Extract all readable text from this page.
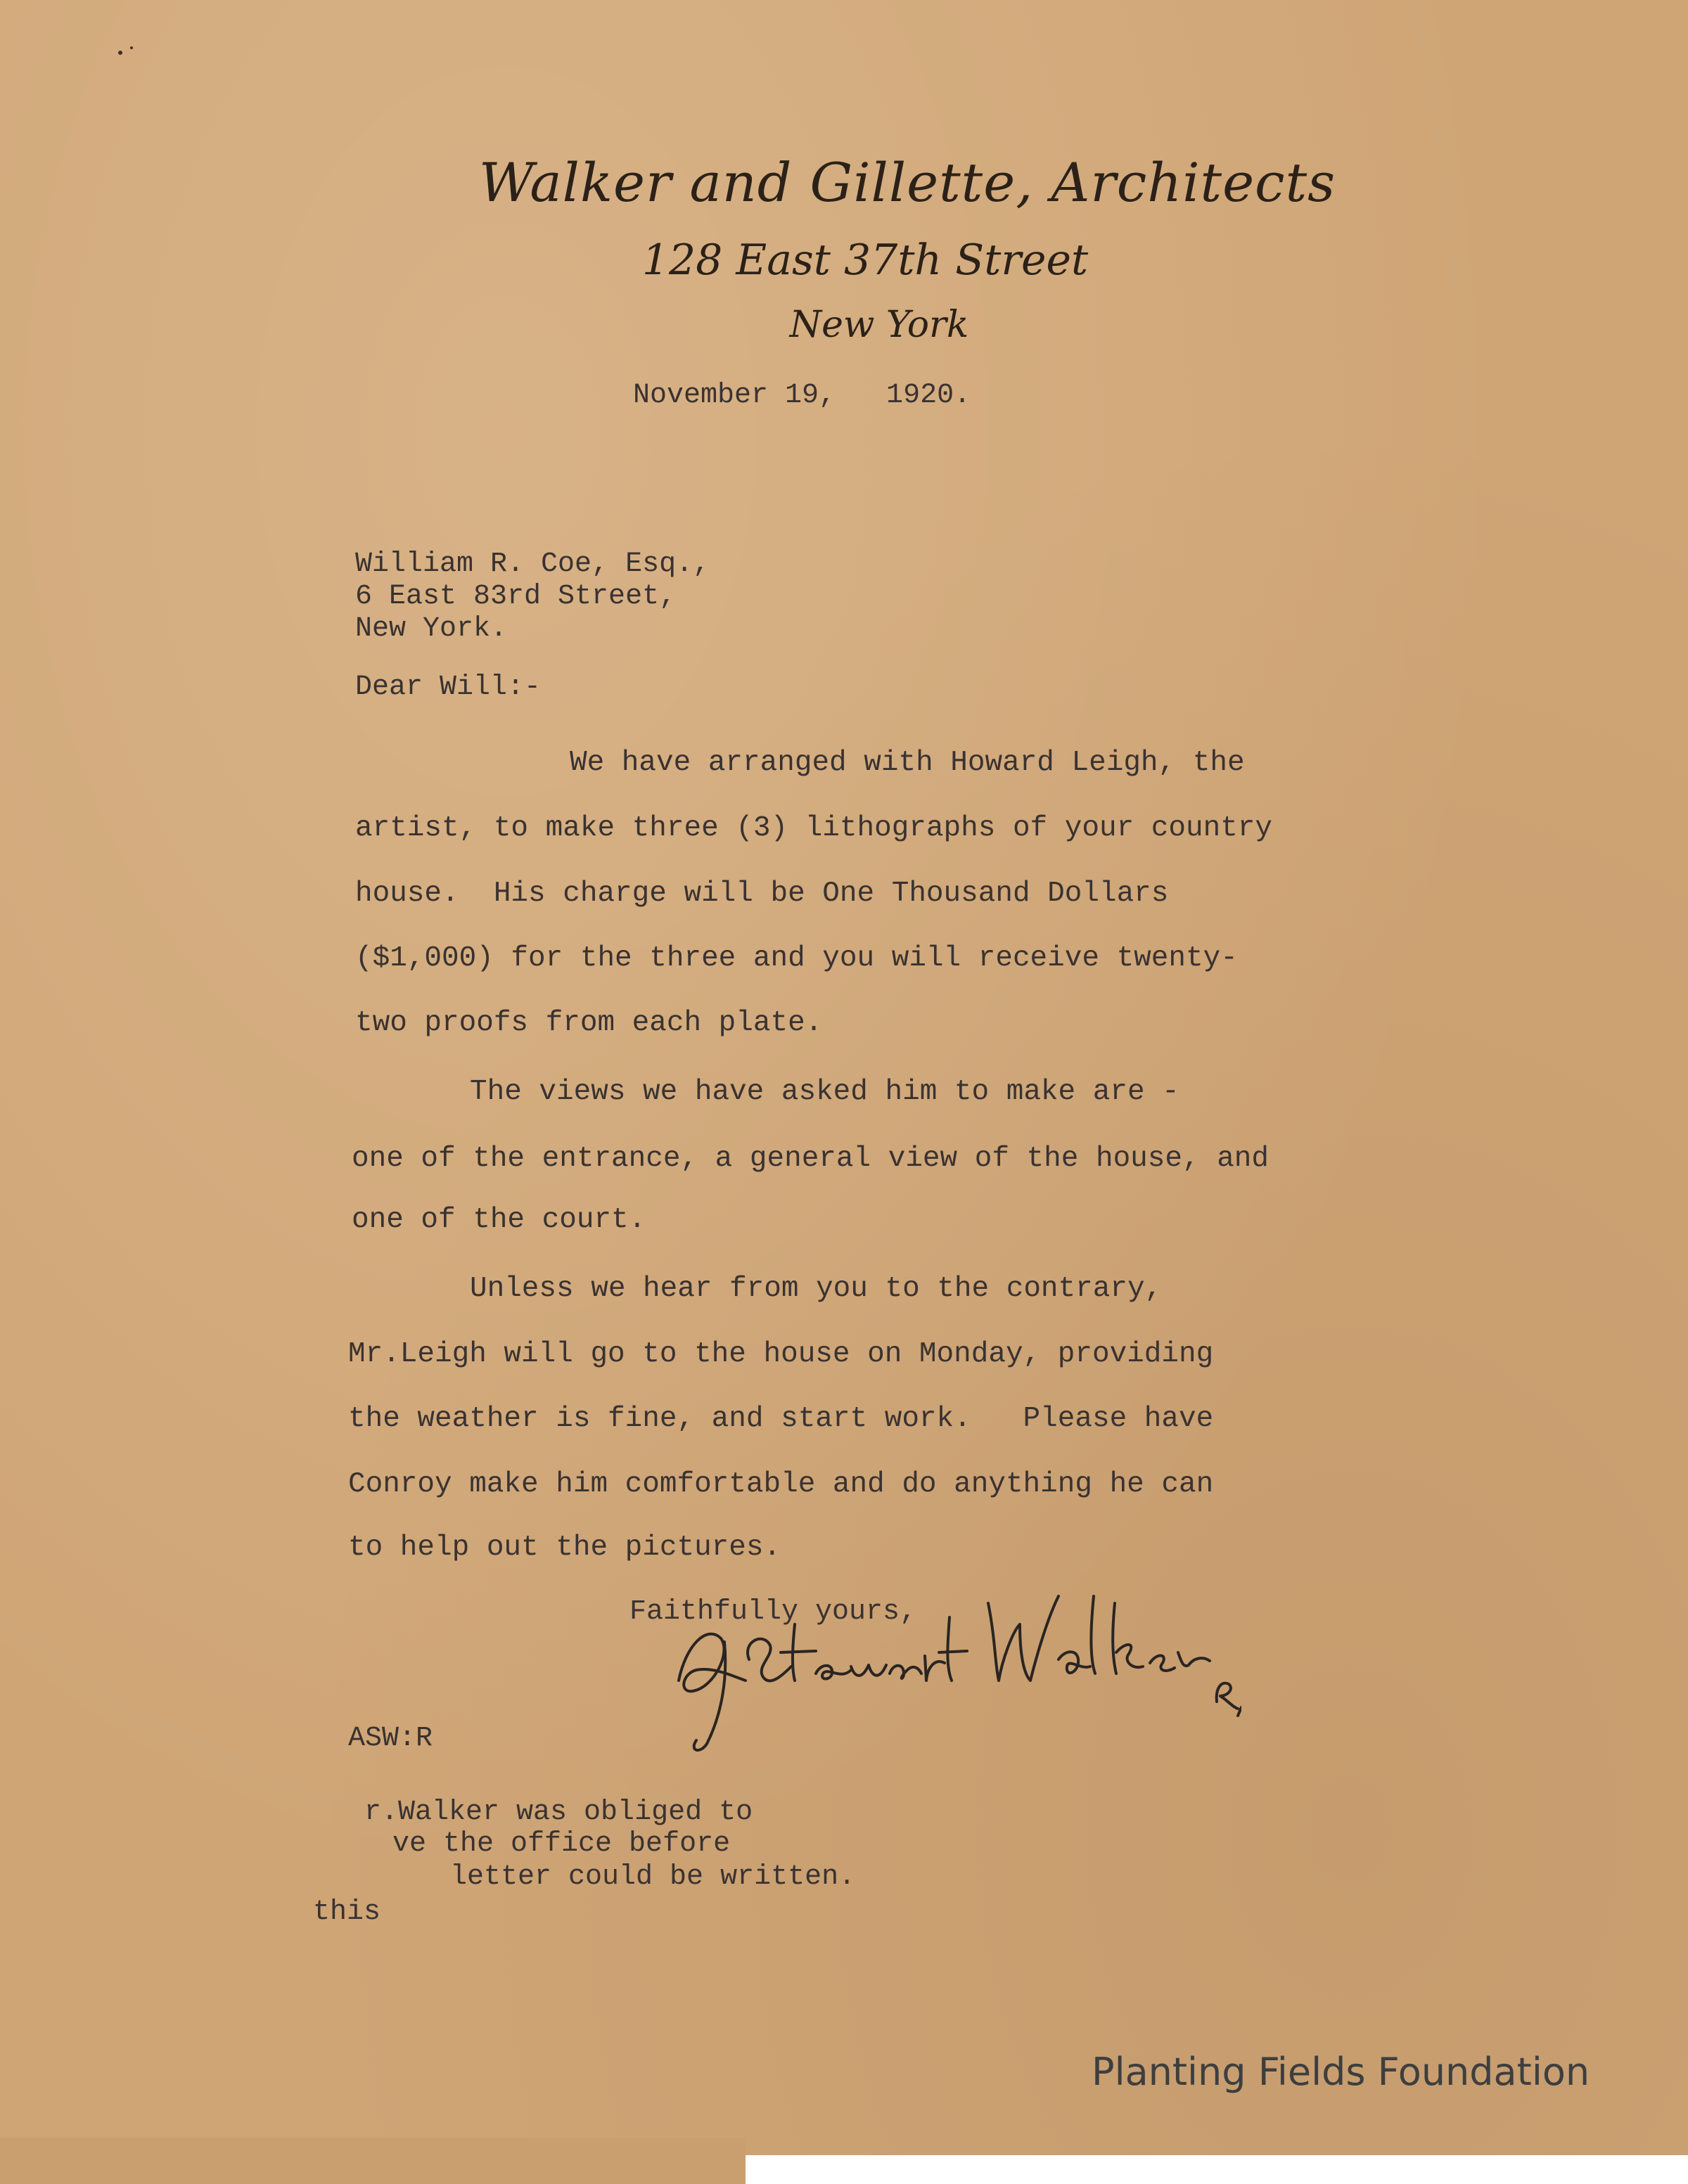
Walker and Gillette, Architects
128 East 37th Street
New York
November 19,   1920.
William R. Coe, Esq.,
6 East 83rd Street,
New York.
Dear Will:-
We have arranged with Howard Leigh, the
artist, to make three (3) lithographs of your country
house.  His charge will be One Thousand Dollars
($1,000) for the three and you will receive twenty-
two proofs from each plate.
The views we have asked him to make are -
one of the entrance, a general view of the house, and
one of the court.
Unless we hear from you to the contrary,
Mr.Leigh will go to the house on Monday, providing
the weather is fine, and start work.   Please have
Conroy make him comfortable and do anything he can
to help out the pictures.
Faithfully yours,
ASW:R
r.Walker was obliged to
ve the office before
letter could be written.
this
Planting Fields Foundation
